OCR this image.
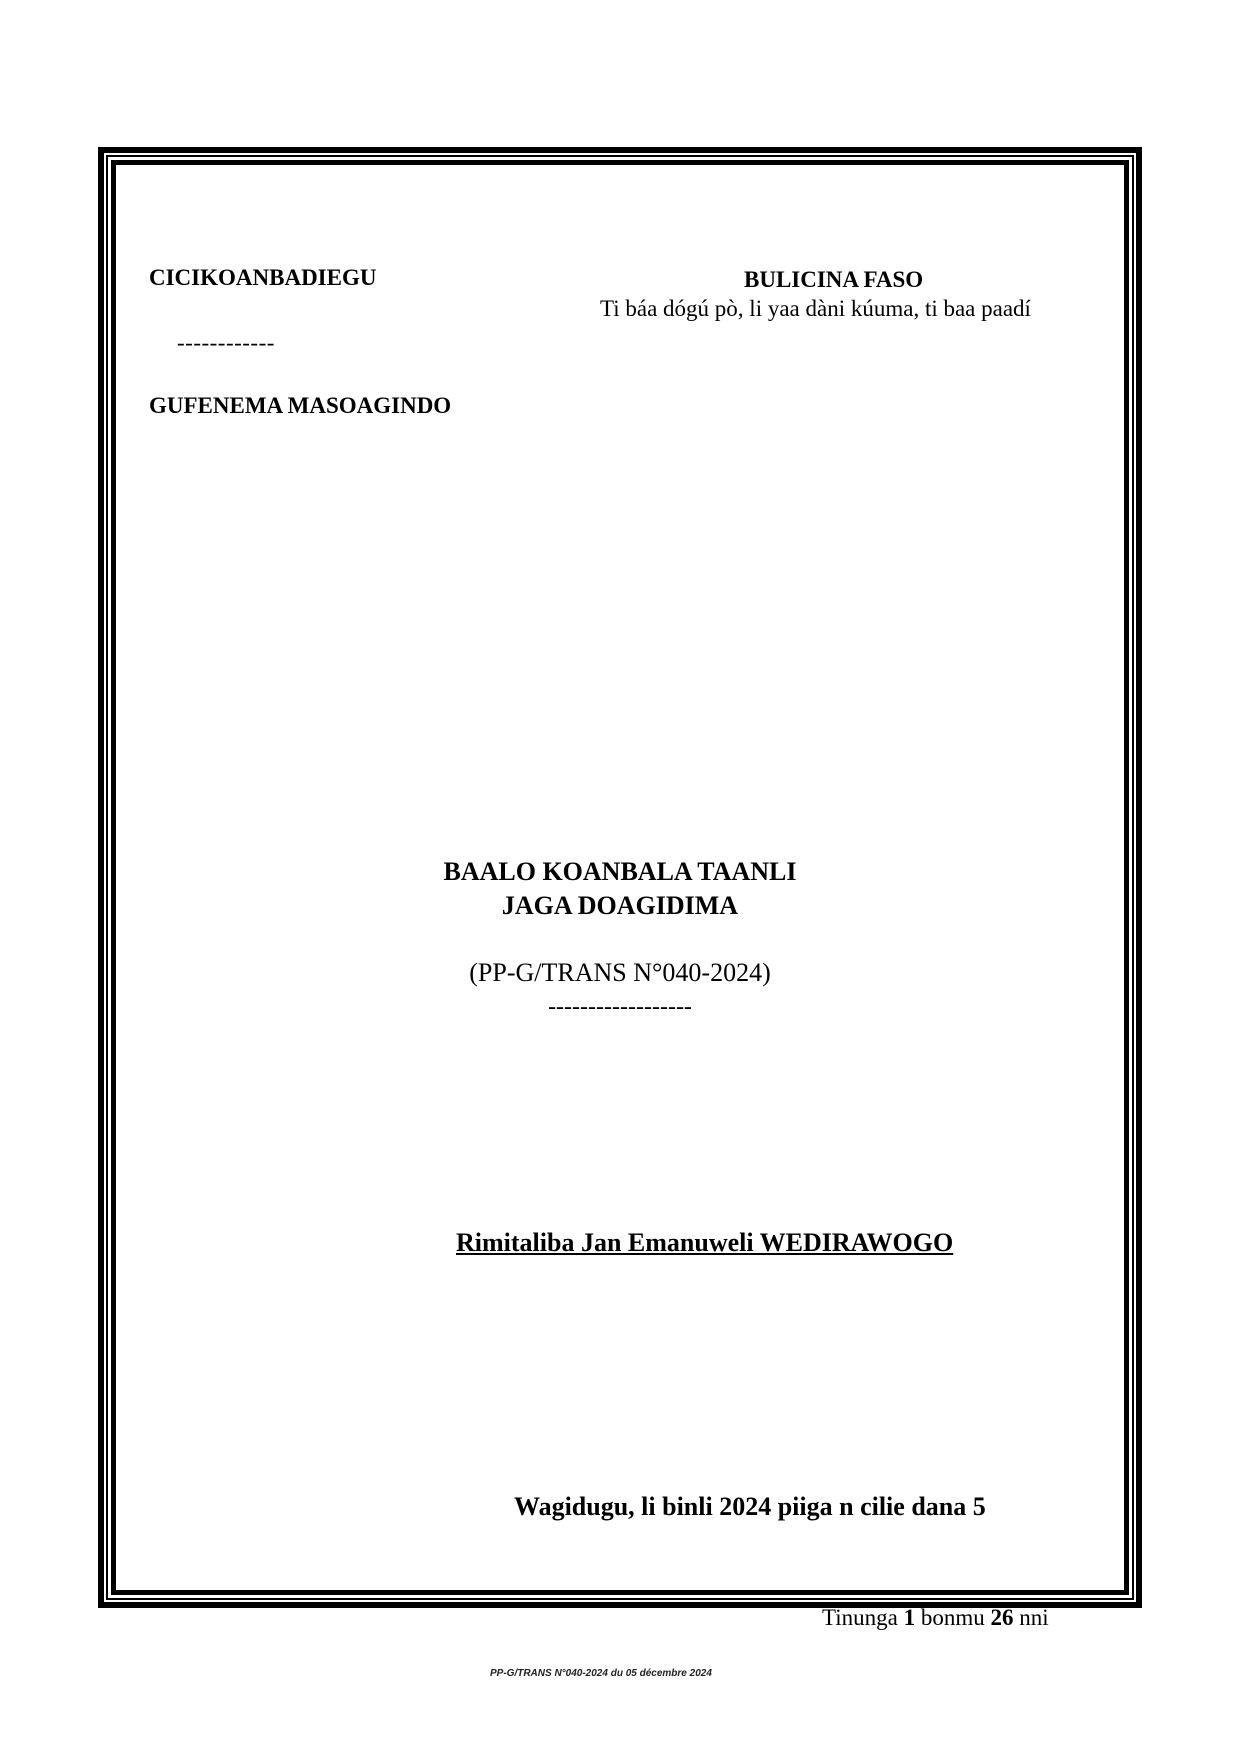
CICIKOANBADIEGU
------------
GUFENEMA MASOAGINDO
BULICINA FASO
Ti báa dógú pò, li yaa dàni kúuma, ti baa paadí
BAALO KOANBALA TAANLI
JAGA DOAGIDIMA
(PP-G/TRANS N°040-2024)
------------------
Rimitaliba Jan Emanuweli WEDIRAWOGO
Wagidugu, li binli 2024 piiga n cilie dana 5
Tinunga 1 bonmu 26 nni
PP-G/TRANS N°040-2024 du 05 décembre 2024
